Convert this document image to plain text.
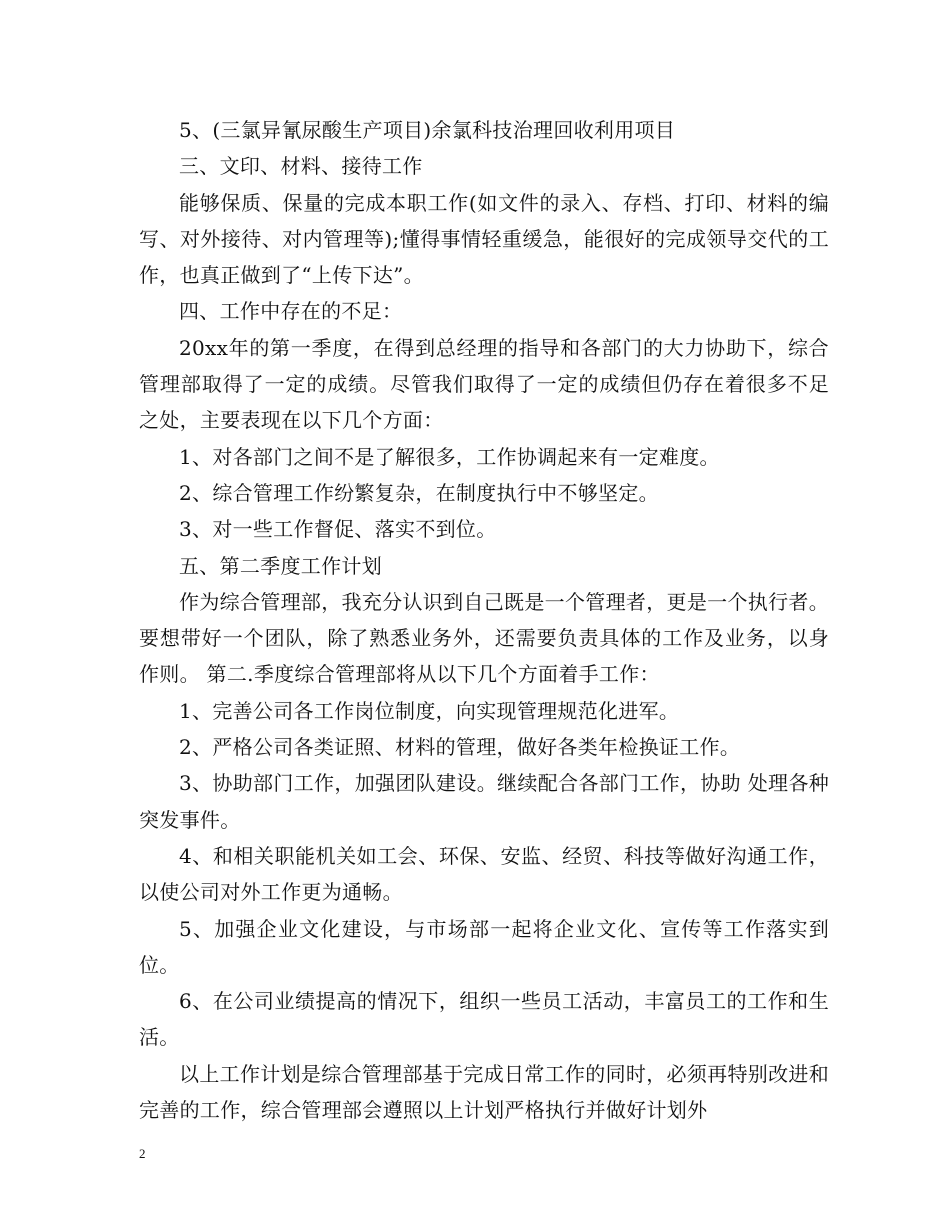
5、(三氯异氰尿酸生产项目)余氯科技治理回收利用项目

三、文印、材料、接待工作

能够保质、保量的完成本职工作(如文件的录入、存档、打印、材料的编写、对外接待、对内管理等);懂得事情轻重缓急，能很好的完成领导交代的工作，也真正做到了“上传下达”。

四、工作中存在的不足：

20xx年的第一季度，在得到总经理的指导和各部门的大力协助下，综合管理部取得了一定的成绩。尽管我们取得了一定的成绩但仍存在着很多不足之处，主要表现在以下几个方面：

1、对各部门之间不是了解很多，工作协调起来有一定难度。

2、综合管理工作纷繁复杂，在制度执行中不够坚定。

3、对一些工作督促、落实不到位。

五、第二季度工作计划

作为综合管理部，我充分认识到自己既是一个管理者，更是一个执行者。要想带好一个团队，除了熟悉业务外，还需要负责具体的工作及业务，以身作则。 第二.季度综合管理部将从以下几个方面着手工作：

1、完善公司各工作岗位制度，向实现管理规范化进军。

2、严格公司各类证照、材料的管理，做好各类年检换证工作。

3、协助部门工作，加强团队建设。继续配合各部门工作，协助 处理各种突发事件。

4、和相关职能机关如工会、环保、安监、经贸、科技等做好沟通工作，以使公司对外工作更为通畅。

5、加强企业文化建设，与市场部一起将企业文化、宣传等工作落实到位。

6、在公司业绩提高的情况下，组织一些员工活动，丰富员工的工作和生活。

以上工作计划是综合管理部基于完成日常工作的同时，必须再特别改进和完善的工作，综合管理部会遵照以上计划严格执行并做好计划外

2
